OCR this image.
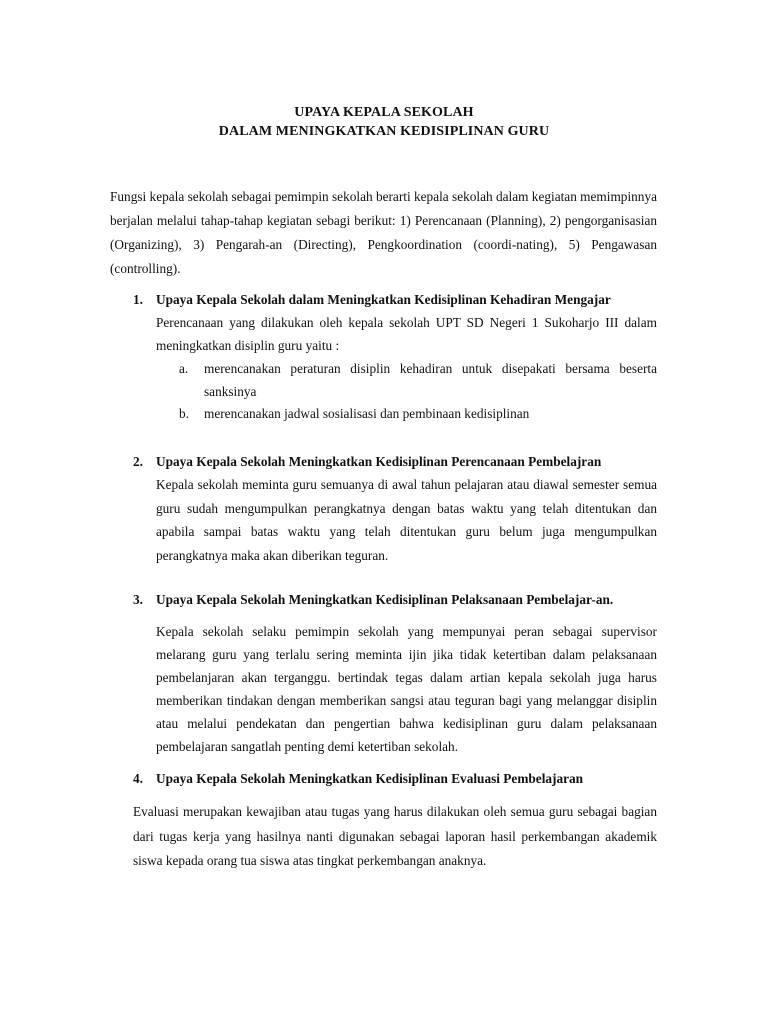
UPAYA KEPALA SEKOLAH
DALAM MENINGKATKAN KEDISIPLINAN GURU

Fungsi kepala sekolah sebagai pemimpin sekolah berarti kepala sekolah dalam kegiatan memimpinnya berjalan melalui tahap-tahap kegiatan sebagi berikut: 1) Perencanaan (Planning), 2) pengorganisasian (Organizing), 3) Pengarah-an (Directing), Pengkoordination (coordi-nating), 5) Pengawasan (controlling).

1. Upaya Kepala Sekolah dalam Meningkatkan Kedisiplinan Kehadiran Mengajar

Perencanaan yang dilakukan oleh kepala sekolah UPT SD Negeri 1 Sukoharjo III dalam meningkatkan disiplin guru yaitu :

a. merencanakan peraturan disiplin kehadiran untuk disepakati bersama beserta sanksinya
b. merencanakan jadwal sosialisasi dan pembinaan kedisiplinan
2. Upaya Kepala Sekolah Meningkatkan Kedisiplinan Perencanaan Pembelajran

Kepala sekolah meminta guru semuanya di awal tahun pelajaran atau diawal semester semua guru sudah mengumpulkan perangkatnya dengan batas waktu yang telah ditentukan dan apabila sampai batas waktu yang telah ditentukan guru belum juga mengumpulkan perangkatnya maka akan diberikan teguran.

3. Upaya Kepala Sekolah Meningkatkan Kedisiplinan Pelaksanaan Pembelajar-an.

Kepala sekolah selaku pemimpin sekolah yang mempunyai peran sebagai supervisor melarang guru yang terlalu sering meminta ijin jika tidak ketertiban dalam pelaksanaan pembelanjaran akan terganggu. bertindak tegas dalam artian kepala sekolah juga harus memberikan tindakan dengan memberikan sangsi atau teguran bagi yang melanggar disiplin atau melalui pendekatan dan pengertian bahwa kedisiplinan guru dalam pelaksanaan pembelajaran sangatlah penting demi ketertiban sekolah.

4. Upaya Kepala Sekolah Meningkatkan Kedisiplinan Evaluasi Pembelajaran

Evaluasi merupakan kewajiban atau tugas yang harus dilakukan oleh semua guru sebagai bagian dari tugas kerja yang hasilnya nanti digunakan sebagai laporan hasil perkembangan akademik siswa kepada orang tua siswa atas tingkat perkembangan anaknya.
